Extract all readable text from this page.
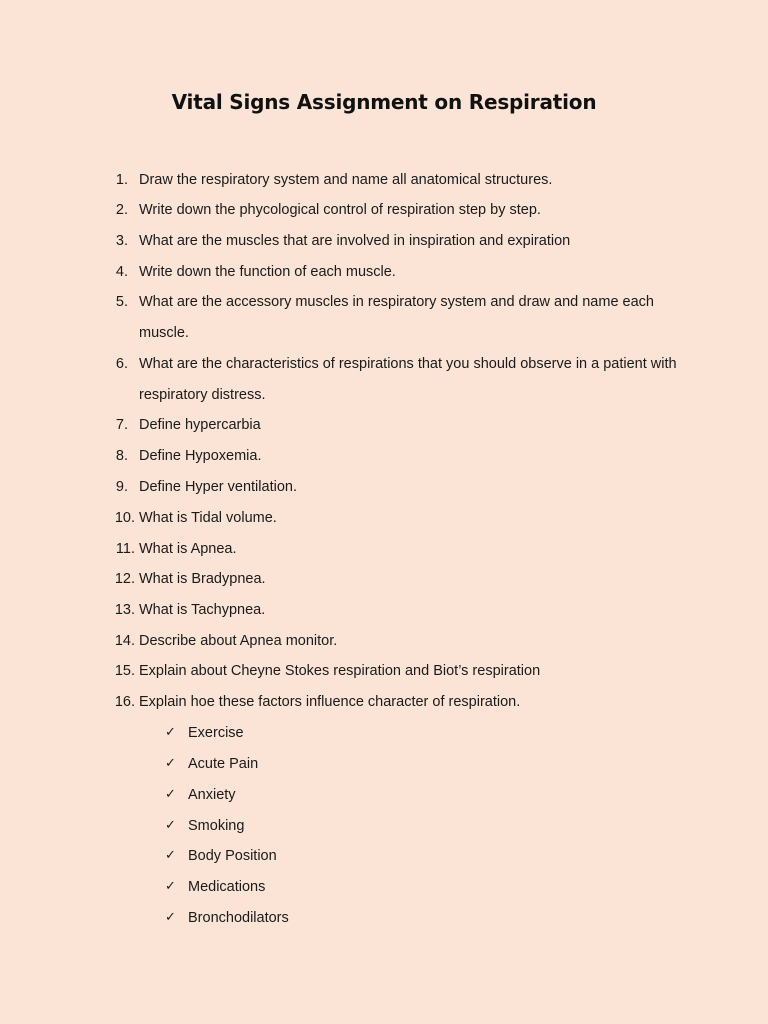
Vital Signs Assignment on Respiration
1. Draw the respiratory system and name all anatomical structures.
2. Write down the phycological control of respiration step by step.
3. What are the muscles that are involved in inspiration and expiration
4. Write down the function of each muscle.
5. What are the accessory muscles in respiratory system and draw and name each
muscle.
6. What are the characteristics of respirations that you should observe in a patient with
respiratory distress.
7. Define hypercarbia
8. Define Hypoxemia.
9. Define Hyper ventilation.
10. What is Tidal volume.
11. What is Apnea.
12. What is Bradypnea.
13. What is Tachypnea.
14. Describe about Apnea monitor.
15. Explain about Cheyne Stokes respiration and Biot’s respiration
16. Explain hoe these factors influence character of respiration.
✓ Exercise
✓ Acute Pain
✓ Anxiety
✓ Smoking
✓ Body Position
✓ Medications
✓ Bronchodilators
